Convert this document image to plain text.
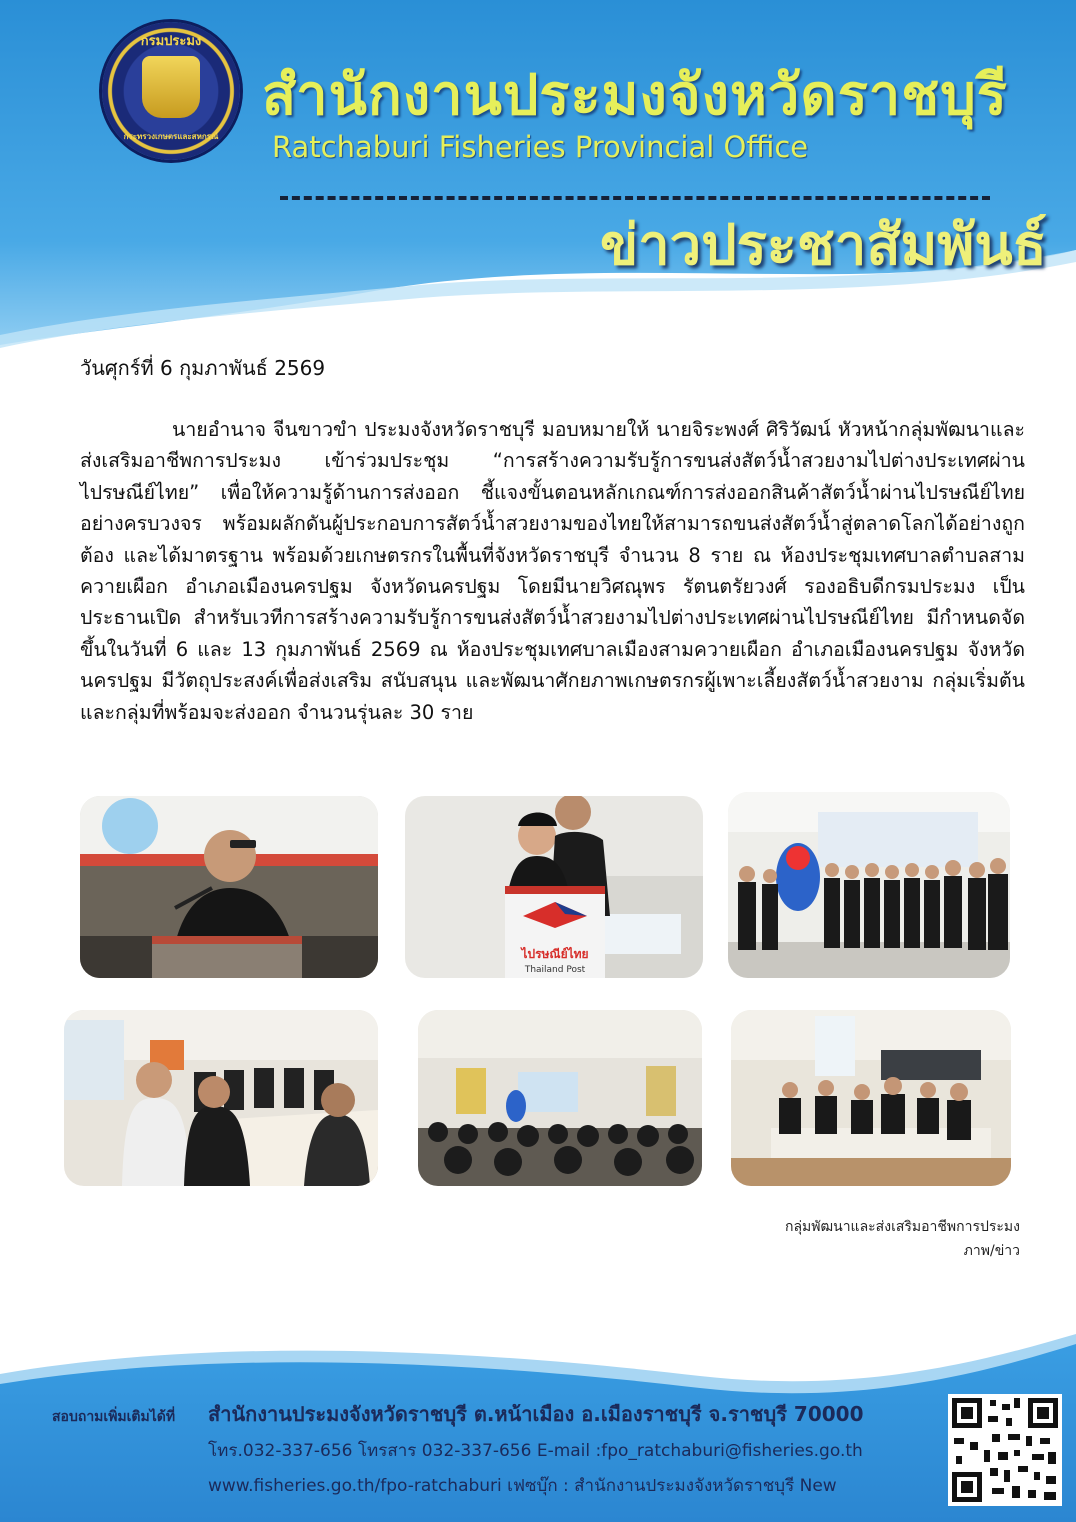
กรมประมง
กระทรวงเกษตรและสหกรณ์
สำนักงานประมงจังหวัดราชบุรี
Ratchaburi Fisheries Provincial Office
ข่าวประชาสัมพันธ์
วันศุกร์ที่ 6 กุมภาพันธ์ 2569
นายอำนาจ จีนขาวขำ ประมงจังหวัดราชบุรี มอบหมายให้ นายจิระพงศ์ ศิริวัฒน์ หัวหน้ากลุ่มพัฒนาและส่งเสริมอาชีพการประมง เข้าร่วมประชุม “การสร้างความรับรู้การขนส่งสัตว์น้ำสวยงามไปต่างประเทศผ่านไปรษณีย์ไทย” เพื่อให้ความรู้ด้านการส่งออก ชี้แจงขั้นตอนหลักเกณฑ์การส่งออกสินค้าสัตว์น้ำผ่านไปรษณีย์ไทยอย่างครบวงจร พร้อมผลักดันผู้ประกอบการสัตว์น้ำสวยงามของไทยให้สามารถขนส่งสัตว์น้ำสู่ตลาดโลกได้อย่างถูกต้อง และได้มาตรฐาน พร้อมด้วยเกษตรกรในพื้นที่จังหวัดราชบุรี จำนวน 8 ราย ณ ห้องประชุมเทศบาลตำบลสามควายเผือก อำเภอเมืองนครปฐม จังหวัดนครปฐม โดยมีนายวิศณุพร รัตนตรัยวงศ์ รองอธิบดีกรมประมง เป็นประธานเปิด สำหรับเวทีการสร้างความรับรู้การขนส่งสัตว์น้ำสวยงามไปต่างประเทศผ่านไปรษณีย์ไทย มีกำหนดจัดขึ้นในวันที่ 6 และ 13 กุมภาพันธ์ 2569 ณ ห้องประชุมเทศบาลเมืองสามควายเผือก อำเภอเมืองนครปฐม จังหวัดนครปฐม มีวัตถุประสงค์เพื่อส่งเสริม สนับสนุน และพัฒนาศักยภาพเกษตรกรผู้เพาะเลี้ยงสัตว์น้ำสวยงาม กลุ่มเริ่มต้น และกลุ่มที่พร้อมจะส่งออก จำนวนรุ่นละ 30 ราย
ไปรษณีย์ไทย
Thailand Post
กลุ่มพัฒนาและส่งเสริมอาชีพการประมง
ภาพ/ข่าว
สอบถามเพิ่มเติมได้ที่ สำนักงานประมงจังหวัดราชบุรี ต.หน้าเมือง อ.เมืองราชบุรี จ.ราชบุรี 70000
โทร.032-337-656 โทรสาร 032-337-656 E-mail :fpo_ratchaburi@fisheries.go.th
www.fisheries.go.th/fpo-ratchaburi เฟซบุ๊ก : สำนักงานประมงจังหวัดราชบุรี New
